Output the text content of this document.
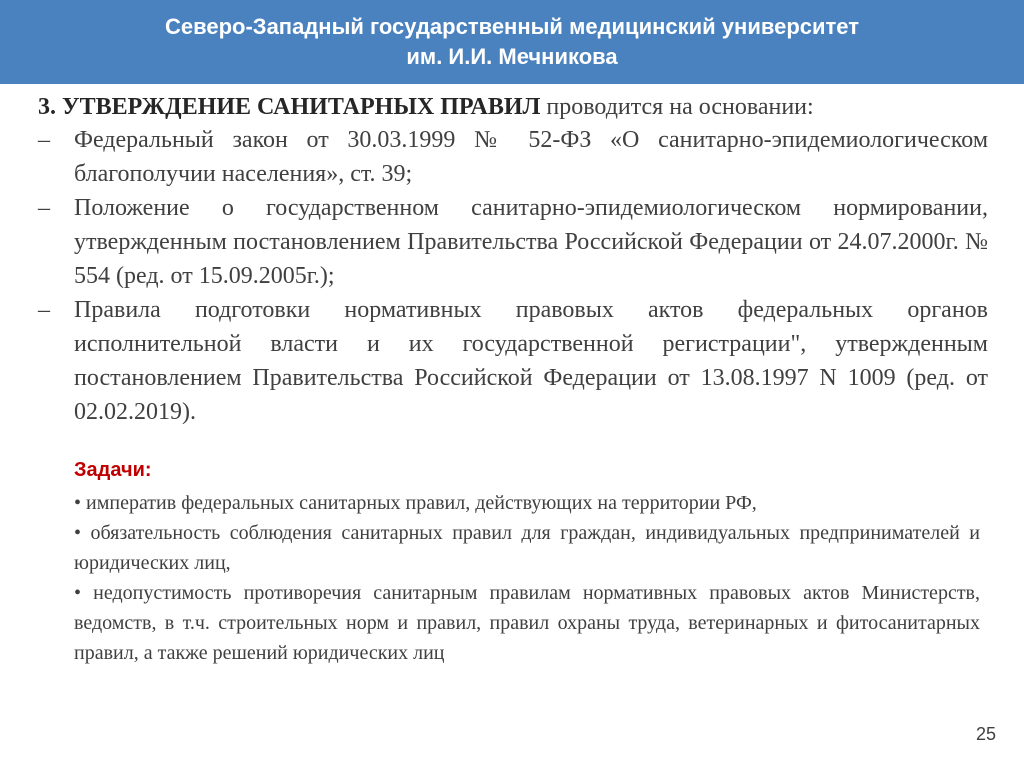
Северо-Западный государственный медицинский университет
им. И.И. Мечникова

3. УТВЕРЖДЕНИЕ САНИТАРНЫХ ПРАВИЛ проводится на основании:

–	Федеральный закон от 30.03.1999 № 52-ФЗ «О санитарно-эпидемиологическом благополучии населения», ст. 39;
–	Положение о государственном санитарно-эпидемиологическом нормировании, утвержденным постановлением Правительства Российской Федерации от 24.07.2000г. № 554 (ред. от 15.09.2005г.);
–	Правила подготовки нормативных правовых актов федеральных органов исполнительной власти и их государственной регистрации", утвержденным постановлением Правительства Российской Федерации от 13.08.1997 N 1009 (ред. от 02.02.2019).

Задачи:

• императив федеральных санитарных правил, действующих на территории РФ,
• обязательность соблюдения санитарных правил для граждан, индивидуальных предпринимателей и юридических лиц,
• недопустимость противоречия санитарным правилам нормативных правовых актов Министерств, ведомств, в т.ч. строительных норм и правил, правил охраны труда, ветеринарных и фитосанитарных правил, а также решений юридических лиц
25
